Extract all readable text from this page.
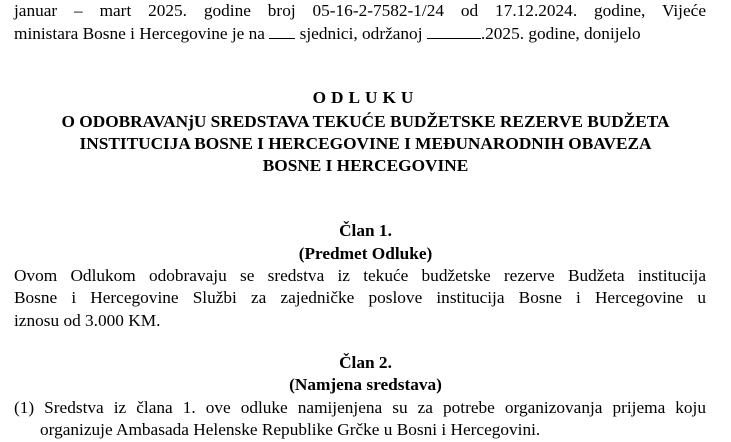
januar – mart 2025. godine broj 05-16-2-7582-1/24 od 17.12.2024. godine, Vijeće
ministara Bosne i Hercegovine je na sjednici, održanoj	.2025. godine, donijelo
ODLUKU
O ODOBRAVANjU SREDSTAVA TEKUĆE BUDŽETSKE REZERVE BUDŽETA
INSTITUCIJA BOSNE I HERCEGOVINE I MEĐUNARODNIH OBAVEZA
BOSNE I HERCEGOVINE
Član 1.
(Predmet Odluke)
Ovom Odlukom odobravaju se sredstva iz tekuće budžetske rezerve Budžeta institucija
Bosne i Hercegovine Službi za zajedničke poslove institucija Bosne i Hercegovine u
iznosu od 3.000 KM.
Član 2.
(Namjena sredstava)
(1) Sredstva iz člana 1. ove odluke namijenjena su za potrebe organizovanja prijema koju
organizuje Ambasada Helenske Republike Grčke u Bosni i Hercegovini.
